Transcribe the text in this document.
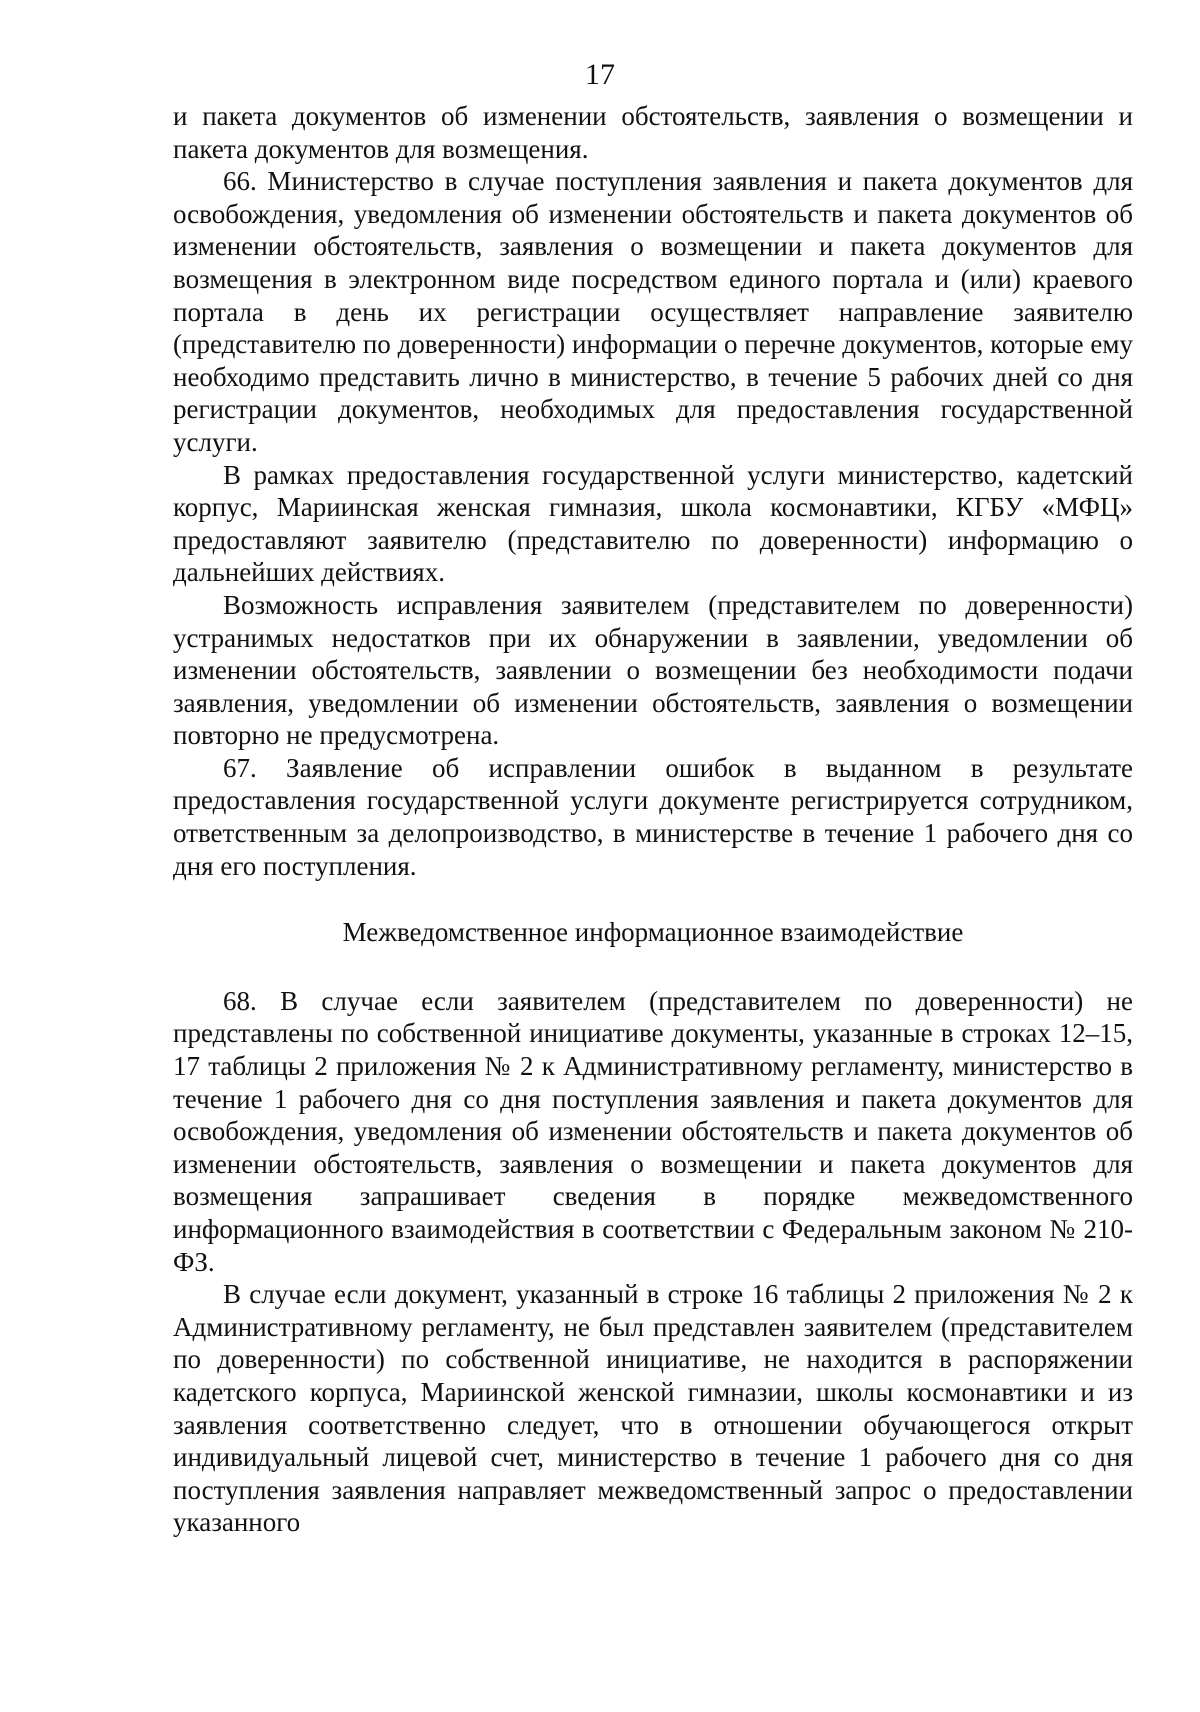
17

и пакета документов об изменении обстоятельств, заявления о возмещении и пакета документов для возмещения.

66. Министерство в случае поступления заявления и пакета документов для освобождения, уведомления об изменении обстоятельств и пакета документов об изменении обстоятельств, заявления о возмещении и пакета документов для возмещения в электронном виде посредством единого портала и (или) краевого портала в день их регистрации осуществляет направление заявителю (представителю по доверенности) информации о перечне документов, которые ему необходимо представить лично в министерство, в течение 5 рабочих дней со дня регистрации документов, необходимых для предоставления государственной услуги.

В рамках предоставления государственной услуги министерство, кадетский корпус, Мариинская женская гимназия, школа космонавтики, КГБУ «МФЦ» предоставляют заявителю (представителю по доверенности) информацию о дальнейших действиях.

Возможность исправления заявителем (представителем по доверенности) устранимых недостатков при их обнаружении в заявлении, уведомлении об изменении обстоятельств, заявлении о возмещении без необходимости подачи заявления, уведомлении об изменении обстоятельств, заявления о возмещении повторно не предусмотрена.

67. Заявление об исправлении ошибок в выданном в результате предоставления государственной услуги документе регистрируется сотрудником, ответственным за делопроизводство, в министерстве в течение 1 рабочего дня со дня его поступления.

Межведомственное информационное взаимодействие

68. В случае если заявителем (представителем по доверенности) не представлены по собственной инициативе документы, указанные в строках 12–15, 17 таблицы 2 приложения № 2 к Административному регламенту, министерство в течение 1 рабочего дня со дня поступления заявления и пакета документов для освобождения, уведомления об изменении обстоятельств и пакета документов об изменении обстоятельств, заявления о возмещении и пакета документов для возмещения запрашивает сведения в порядке межведомственного информационного взаимодействия в соответствии с Федеральным законом № 210-ФЗ.

В случае если документ, указанный в строке 16 таблицы 2 приложения № 2 к Административному регламенту, не был представлен заявителем (представителем по доверенности) по собственной инициативе, не находится в распоряжении кадетского корпуса, Мариинской женской гимназии, школы космонавтики и из заявления соответственно следует, что в отношении обучающегося открыт индивидуальный лицевой счет, министерство в течение 1 рабочего дня со дня поступления заявления направляет межведомственный запрос о предоставлении указанного
